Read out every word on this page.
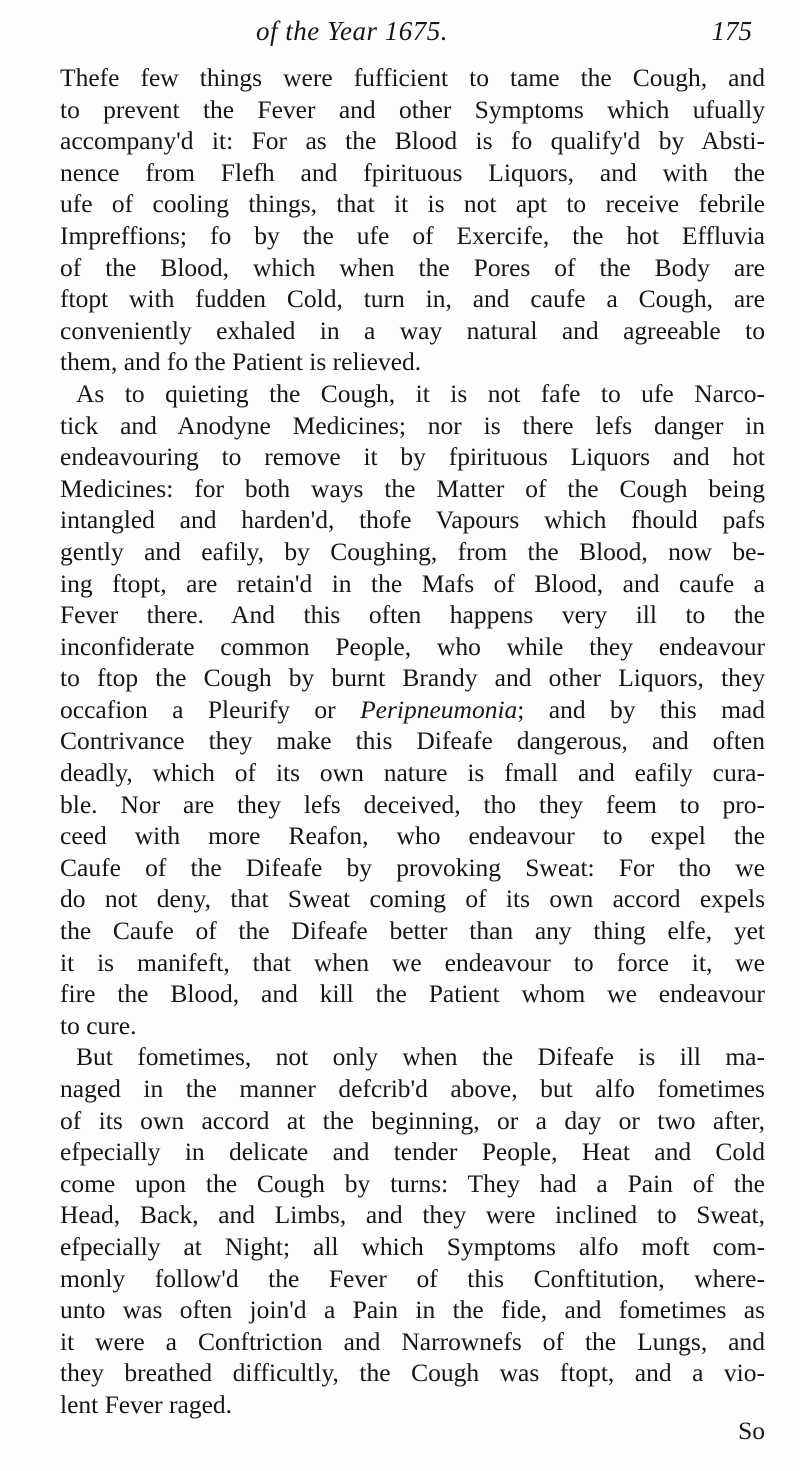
of the Year 1675.	175
Thefe few things were fufficient to tame the Cough, and
to prevent the Fever and other Symptoms which ufually
accompany'd it: For as the Blood is fo qualify'd by Absti-
nence from Flefh and fpirituous Liquors, and with the
ufe of cooling things, that it is not apt to receive febrile
Impreffions; fo by the ufe of Exercife, the hot Effluvia
of the Blood, which when the Pores of the Body are
ftopt with fudden Cold, turn in, and caufe a Cough, are
conveniently exhaled in a way natural and agreeable to
them, and fo the Patient is relieved.
As to quieting the Cough, it is not fafe to ufe Narco-
tick and Anodyne Medicines; nor is there lefs danger in
endeavouring to remove it by fpirituous Liquors and hot
Medicines: for both ways the Matter of the Cough being
intangled and harden'd, thofe Vapours which fhould pafs
gently and eafily, by Coughing, from the Blood, now be-
ing ftopt, are retain'd in the Mafs of Blood, and caufe a
Fever there. And this often happens very ill to the
inconfiderate common People, who while they endeavour
to ftop the Cough by burnt Brandy and other Liquors, they
occafion a Pleurify or Peripneumonia; and by this mad
Contrivance they make this Difeafe dangerous, and often
deadly, which of its own nature is fmall and eafily cura-
ble. Nor are they lefs deceived, tho they feem to pro-
ceed with more Reafon, who endeavour to expel the
Caufe of the Difeafe by provoking Sweat: For tho we
do not deny, that Sweat coming of its own accord expels
the Caufe of the Difeafe better than any thing elfe, yet
it is manifeft, that when we endeavour to force it, we
fire the Blood, and kill the Patient whom we endeavour
to cure.
But fometimes, not only when the Difeafe is ill ma-
naged in the manner defcrib'd above, but alfo fometimes
of its own accord at the beginning, or a day or two after,
efpecially in delicate and tender People, Heat and Cold
come upon the Cough by turns: They had a Pain of the
Head, Back, and Limbs, and they were inclined to Sweat,
efpecially at Night; all which Symptoms alfo moft com-
monly follow'd the Fever of this Conftitution, where-
unto was often join'd a Pain in the fide, and fometimes as
it were a Conftriction and Narrownefs of the Lungs, and
they breathed difficultly, the Cough was ftopt, and a vio-
lent Fever raged.
So
